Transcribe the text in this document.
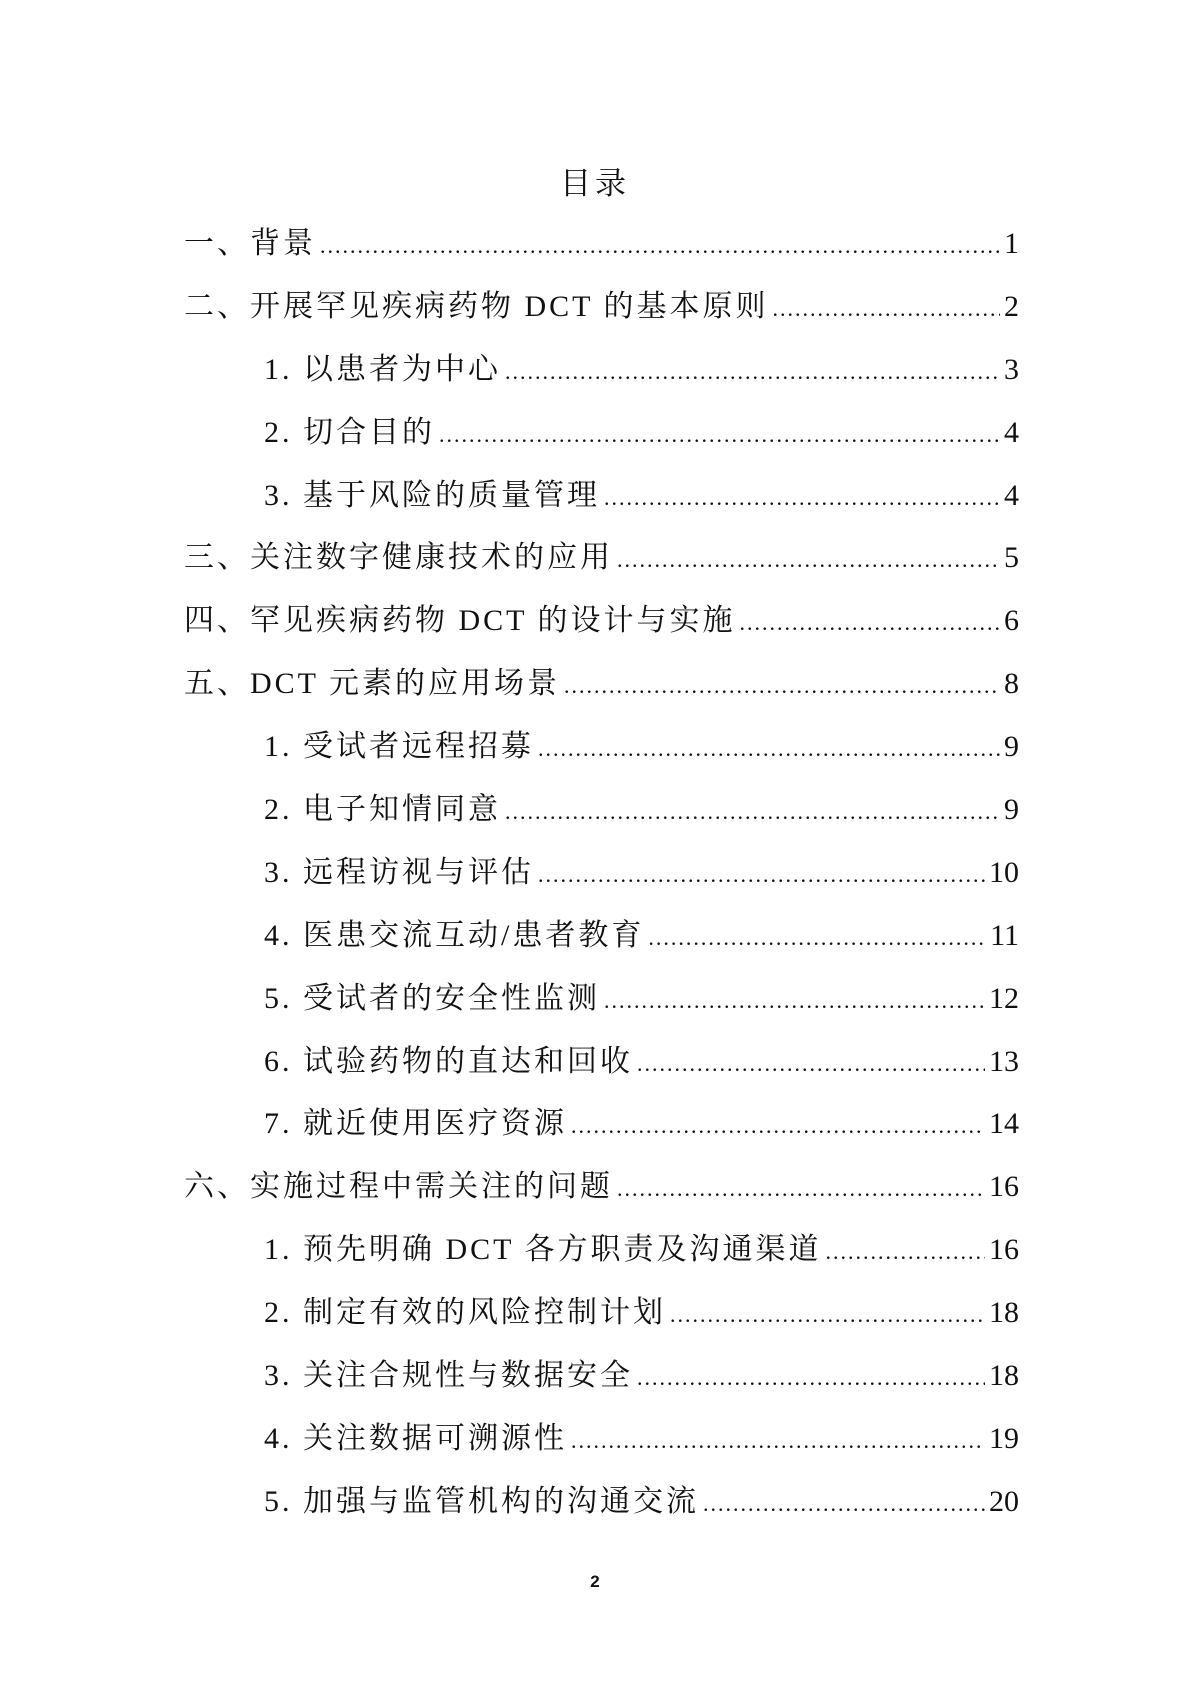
目录
一、背景 .....	1
二、开展罕见疾病药物 DCT 的基本原则 .....	2
1. 以患者为中心 .....	3
2. 切合目的 .....	4
3. 基于风险的质量管理 .....	4
三、关注数字健康技术的应用 .....	5
四、罕见疾病药物 DCT 的设计与实施 .....	6
五、DCT 元素的应用场景 .....	8
1. 受试者远程招募 .....	9
2. 电子知情同意 .....	9
3. 远程访视与评估 .....	10
4. 医患交流互动/患者教育 .....	11
5. 受试者的安全性监测 .....	12
6. 试验药物的直达和回收 .....	13
7. 就近使用医疗资源 .....	14
六、实施过程中需关注的问题 .....	16
1. 预先明确 DCT 各方职责及沟通渠道 .....	16
2. 制定有效的风险控制计划 .....	18
3. 关注合规性与数据安全 .....	18
4. 关注数据可溯源性 .....	19
5. 加强与监管机构的沟通交流 .....	20
2
